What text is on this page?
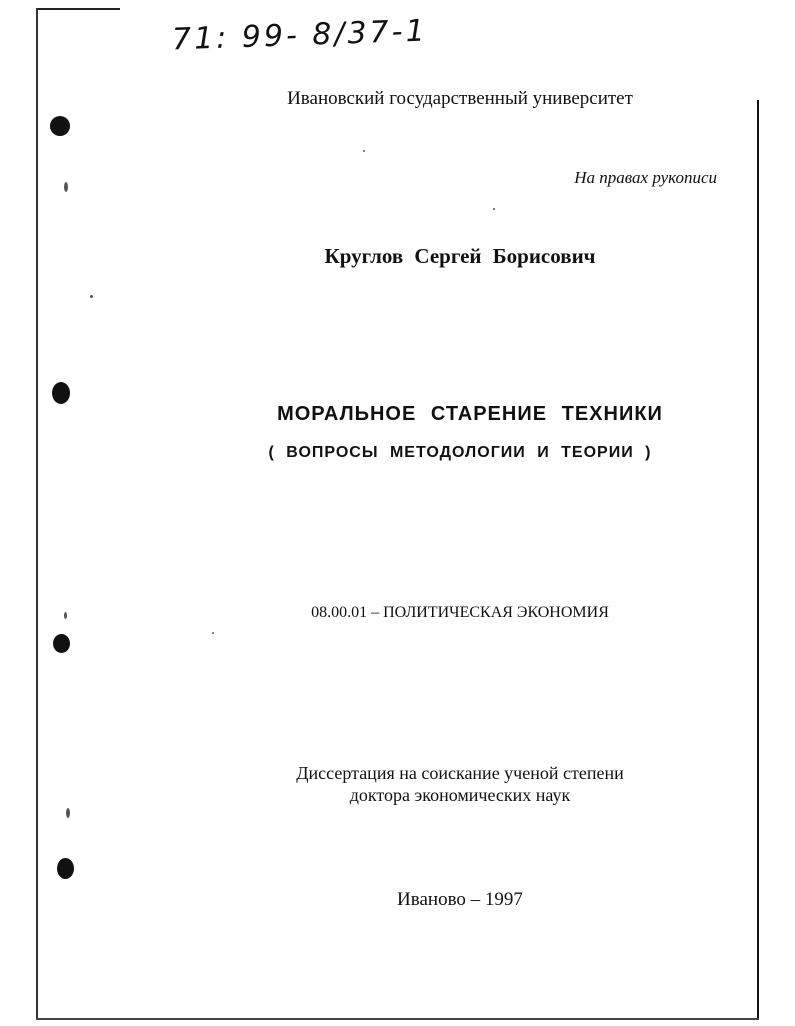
71: 99- 8/37-1
Ивановский государственный университет
На правах рукописи
Круглов Сергей Борисович
МОРАЛЬНОЕ СТАРЕНИЕ ТЕХНИКИ
( ВОПРОСЫ МЕТОДОЛОГИИ И ТЕОРИИ )
08.00.01 – ПОЛИТИЧЕСКАЯ ЭКОНОМИЯ
Диссертация на соискание ученой степени
доктора экономических наук
Иваново – 1997
